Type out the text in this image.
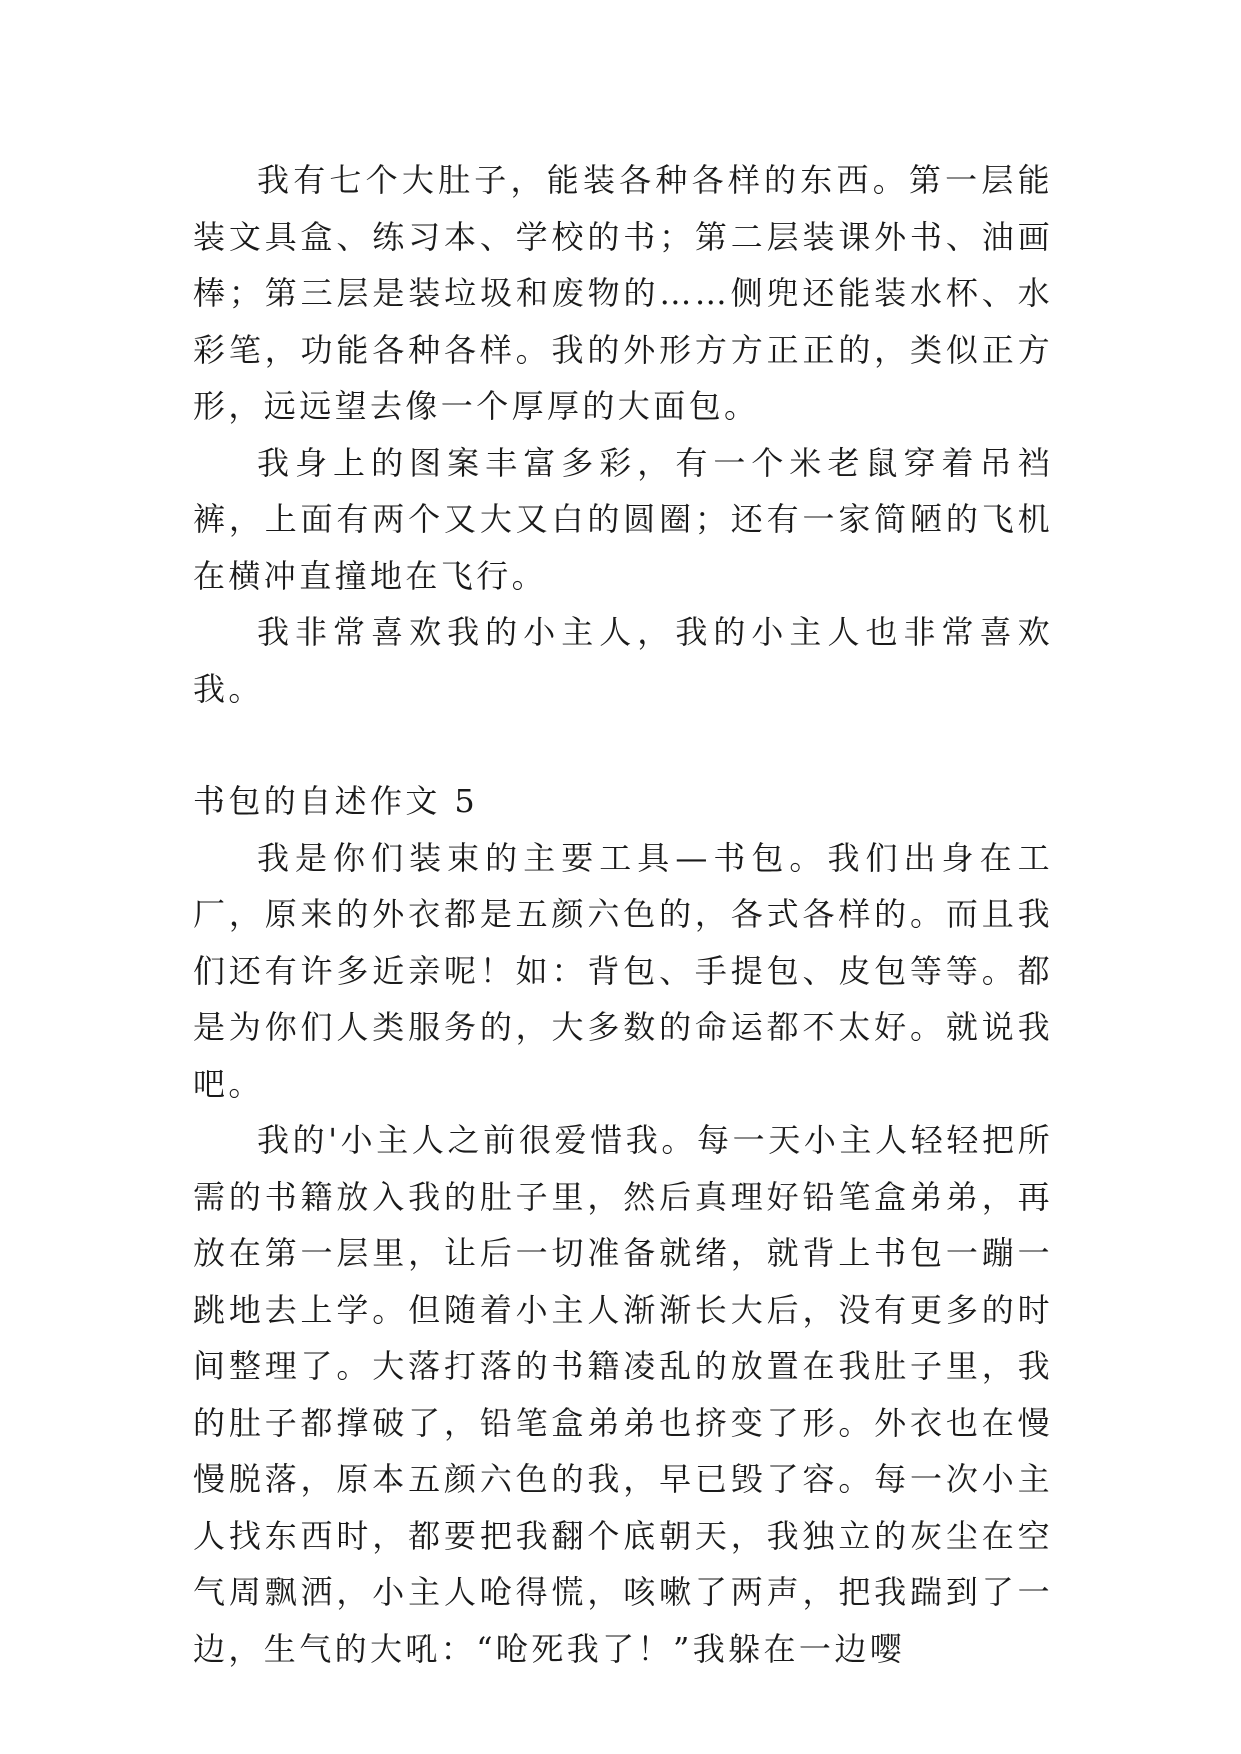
我有七个大肚子，能装各种各样的东西。第一层能装文具盒、练习本、学校的书；第二层装课外书、油画棒；第三层是装垃圾和废物的……侧兜还能装水杯、水彩笔，功能各种各样。我的外形方方正正的，类似正方形，远远望去像一个厚厚的大面包。

我身上的图案丰富多彩，有一个米老鼠穿着吊裆裤，上面有两个又大又白的圆圈；还有一家简陋的飞机在横冲直撞地在飞行。

我非常喜欢我的小主人，我的小主人也非常喜欢我。

书包的自述作文 5

我是你们装束的主要工具—书包。我们出身在工厂，原来的外衣都是五颜六色的，各式各样的。而且我们还有许多近亲呢！如：背包、手提包、皮包等等。都是为你们人类服务的，大多数的命运都不太好。就说我吧。

我的'小主人之前很爱惜我。每一天小主人轻轻把所需的书籍放入我的肚子里，然后真理好铅笔盒弟弟，再放在第一层里，让后一切准备就绪，就背上书包一蹦一跳地去上学。但随着小主人渐渐长大后，没有更多的时间整理了。大落打落的书籍凌乱的放置在我肚子里，我的肚子都撑破了，铅笔盒弟弟也挤变了形。外衣也在慢慢脱落，原本五颜六色的我，早已毁了容。每一次小主人找东西时，都要把我翻个底朝天，我独立的灰尘在空气周飘洒，小主人呛得慌，咳嗽了两声，把我踹到了一边，生气的大吼：“呛死我了！”我躲在一边嘤
